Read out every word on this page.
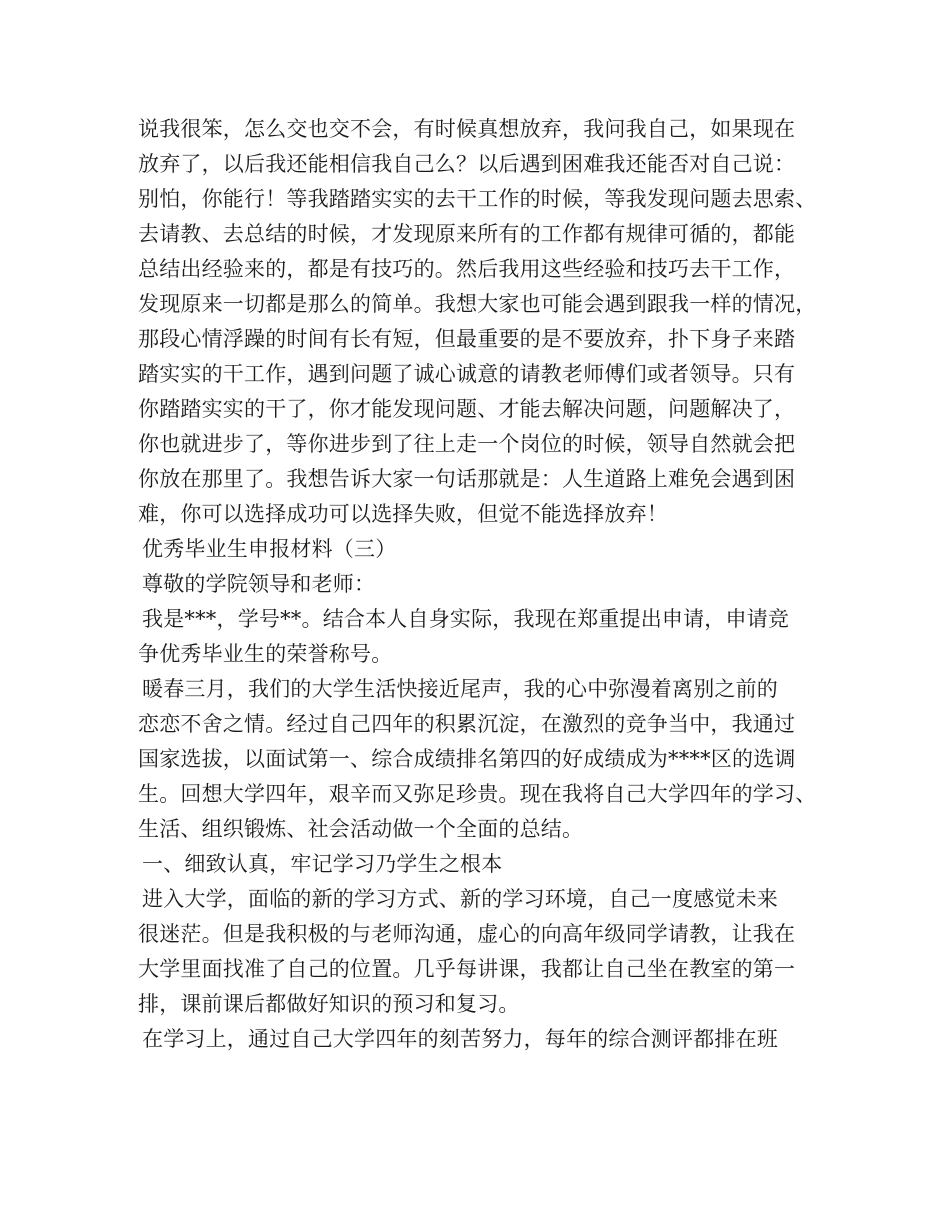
说我很笨，怎么交也交不会，有时候真想放弃，我问我自己，如果现在
放弃了，以后我还能相信我自己么？以后遇到困难我还能否对自己说：
别怕，你能行！等我踏踏实实的去干工作的时候，等我发现问题去思索、
去请教、去总结的时候，才发现原来所有的工作都有规律可循的，都能
总结出经验来的，都是有技巧的。然后我用这些经验和技巧去干工作，
发现原来一切都是那么的简单。我想大家也可能会遇到跟我一样的情况，
那段心情浮躁的时间有长有短，但最重要的是不要放弃，扑下身子来踏
踏实实的干工作，遇到问题了诚心诚意的请教老师傅们或者领导。只有
你踏踏实实的干了，你才能发现问题、才能去解决问题，问题解决了，
你也就进步了，等你进步到了往上走一个岗位的时候，领导自然就会把
你放在那里了。我想告诉大家一句话那就是：人生道路上难免会遇到困
难，你可以选择成功可以选择失败，但觉不能选择放弃！
优秀毕业生申报材料（三）
尊敬的学院领导和老师：
我是***，学号**。结合本人自身实际，我现在郑重提出申请，申请竞
争优秀毕业生的荣誉称号。
暖春三月，我们的大学生活快接近尾声，我的心中弥漫着离别之前的
恋恋不舍之情。经过自己四年的积累沉淀，在激烈的竞争当中，我通过
国家选拔，以面试第一、综合成绩排名第四的好成绩成为****区的选调
生。回想大学四年，艰辛而又弥足珍贵。现在我将自己大学四年的学习、
生活、组织锻炼、社会活动做一个全面的总结。
一、细致认真，牢记学习乃学生之根本
进入大学，面临的新的学习方式、新的学习环境，自己一度感觉未来
很迷茫。但是我积极的与老师沟通，虚心的向高年级同学请教，让我在
大学里面找准了自己的位置。几乎每讲课，我都让自己坐在教室的第一
排，课前课后都做好知识的预习和复习。
在学习上，通过自己大学四年的刻苦努力，每年的综合测评都排在班
